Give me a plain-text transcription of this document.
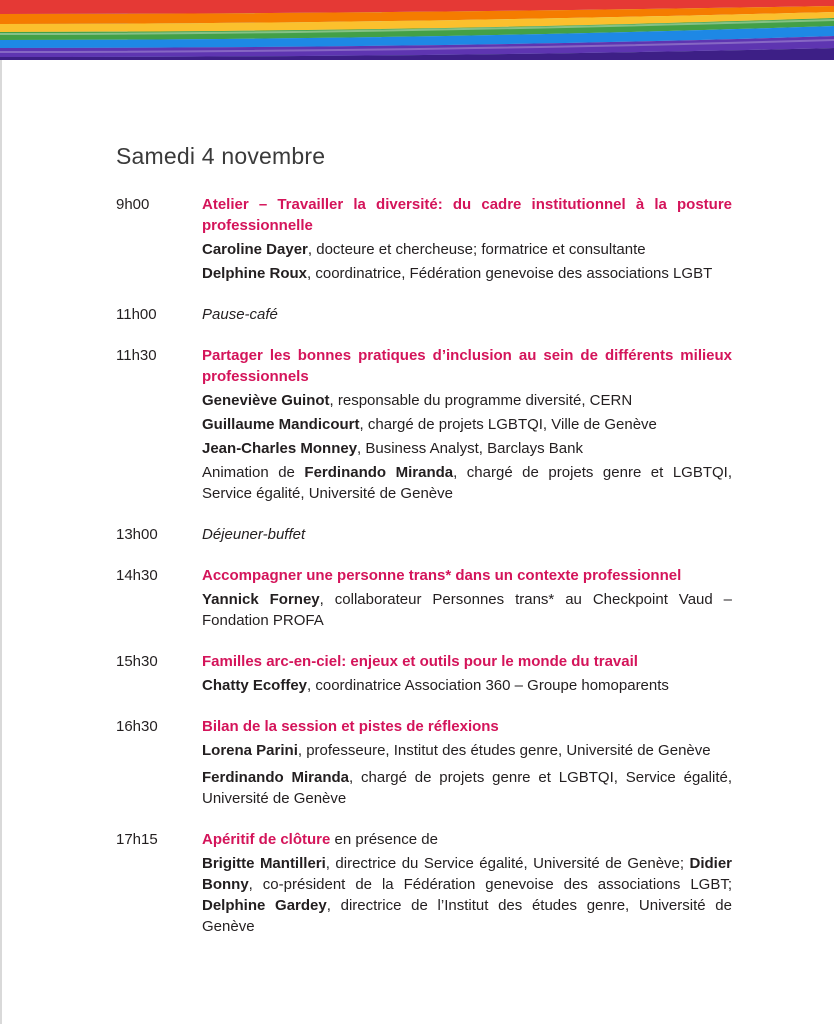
Samedi 4 novembre
9h00	Atelier – Travailler la diversité: du cadre institutionnel à la posture professionnelle

Caroline Dayer, docteure et chercheuse; formatrice et consultante

Delphine Roux, coordinatrice, Fédération genevoise des associations LGBT

11h00	Pause-café

11h30	Partager les bonnes pratiques d’inclusion au sein de différents milieux professionnels

Geneviève Guinot, responsable du programme diversité, CERN

Guillaume Mandicourt, chargé de projets LGBTQI, Ville de Genève

Jean-Charles Monney, Business Analyst, Barclays Bank

Animation de Ferdinando Miranda, chargé de projets genre et LGBTQI, Service égalité, Université de Genève

13h00	Déjeuner-buffet

14h30	Accompagner une personne trans* dans un contexte professionnel

Yannick Forney, collaborateur Personnes trans* au Checkpoint Vaud – Fondation PROFA

15h30	Familles arc-en-ciel: enjeux et outils pour le monde du travail

Chatty Ecoffey, coordinatrice Association 360 – Groupe homoparents

16h30	Bilan de la session et pistes de réflexions

Lorena Parini, professeure, Institut des études genre, Université de Genève

Ferdinando Miranda, chargé de projets genre et LGBTQI, Service égalité, Université de Genève

17h15	Apéritif de clôture en présence de

Brigitte Mantilleri, directrice du Service égalité, Université de Genève; Didier Bonny, co-président de la Fédération genevoise des associations LGBT; Delphine Gardey, directrice de l’Institut des études genre, Université de Genève
